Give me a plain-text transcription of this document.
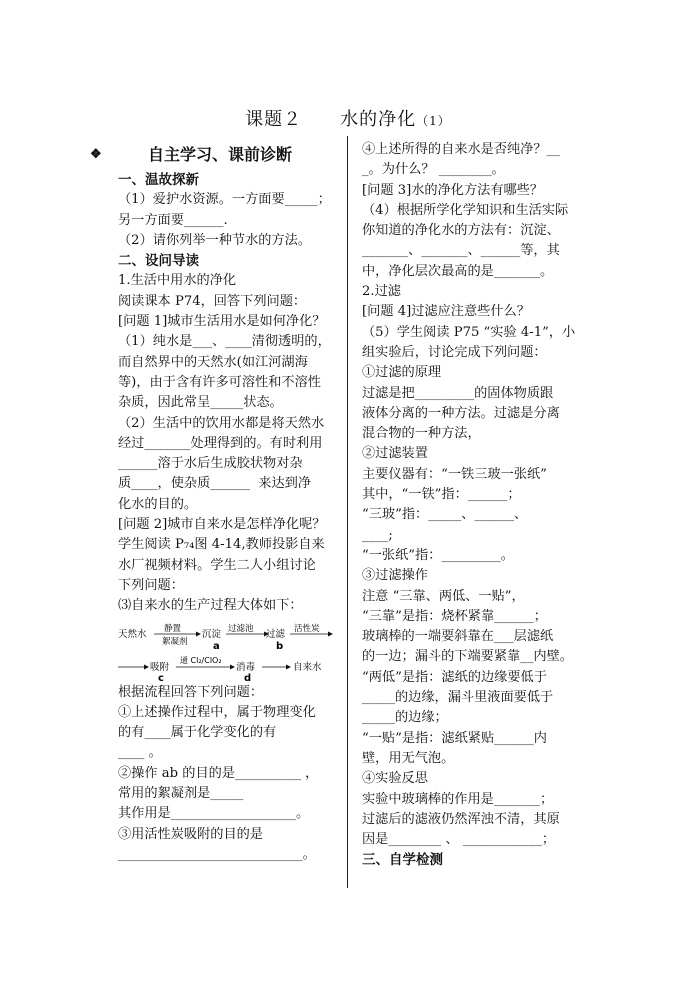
课题２　　水的净化（1）
❖	自主学习、课前诊断

一、温故探新

（1）爱护水资源。一方面要_____；

另一方面要______.

（2）请你列举一种节水的方法。

二、设问导读

1.生活中用水的净化

阅读课本 P74，回答下列问题：

[问题 1]城市生活用水是如何净化？

（1）纯水是___、____清彻透明的，

而自然界中的天然水(如江河湖海

等)，由于含有许多可溶性和不溶性

杂质，因此常呈_____状态。

（2）生活中的饮用水都是将天然水

经过_______处理得到的。有时利用

______溶于水后生成胶状物对杂

质____，使杂质______  来达到净

化水的目的。

[问题 2]城市自来水是怎样净化呢？

学生阅读 P₇₄图 4-14,教师投影自来

水厂视频材料。学生二人小组讨论

下列问题：

⑶自来水的生产过程大体如下：

天然水 静置
絮凝剂
沉淀
a
过滤池 过滤
b
活性炭
吸附
c
通 Cl₂/ClO₂
消毒
d
自来水

根据流程回答下列问题：

①上述操作过程中，属于物理变化

的有____属于化学变化的有

____ 。

②操作 ab 的目的是__________ ，

常用的絮凝剂是_____

其作用是___________________。

③用活性炭吸附的目的是

____________________________。

④上述所得的自来水是否纯净？__

_。为什么？ ________。

[问题 3]水的净化方法有哪些？

（4）根据所学化学知识和生活实际

你知道的净化水的方法有：沉淀、

_______、_______、______等，其

中，净化层次最高的是_______。

2.过滤

[问题 4]过滤应注意些什么？

（5）学生阅读 P75 “实验 4-1”，小

组实验后，讨论完成下列问题：

①过滤的原理

过滤是把_________的固体物质跟

液体分离的一种方法。过滤是分离

混合物的一种方法，

②过滤装置

主要仪器有：“一铁三玻一张纸”

其中，“一铁”指：______；

“三玻”指：_____、______、

____;

“一张纸”指：_________。

③过滤操作

注意 “三靠、两低、一贴”，

“三靠”是指：烧杯紧靠______；

玻璃棒的一端要斜靠在___层滤纸

的一边；漏斗的下端要紧靠__内壁。

“两低”是指：滤纸的边缘要低于

_____的边缘，漏斗里液面要低于

_____的边缘；

“一贴”是指：滤纸紧贴______内

壁，用无气泡。

④实验反思

实验中玻璃棒的作用是_______；

过滤后的滤液仍然浑浊不清，其原

因是________ 、 ____________；

三、自学检测
